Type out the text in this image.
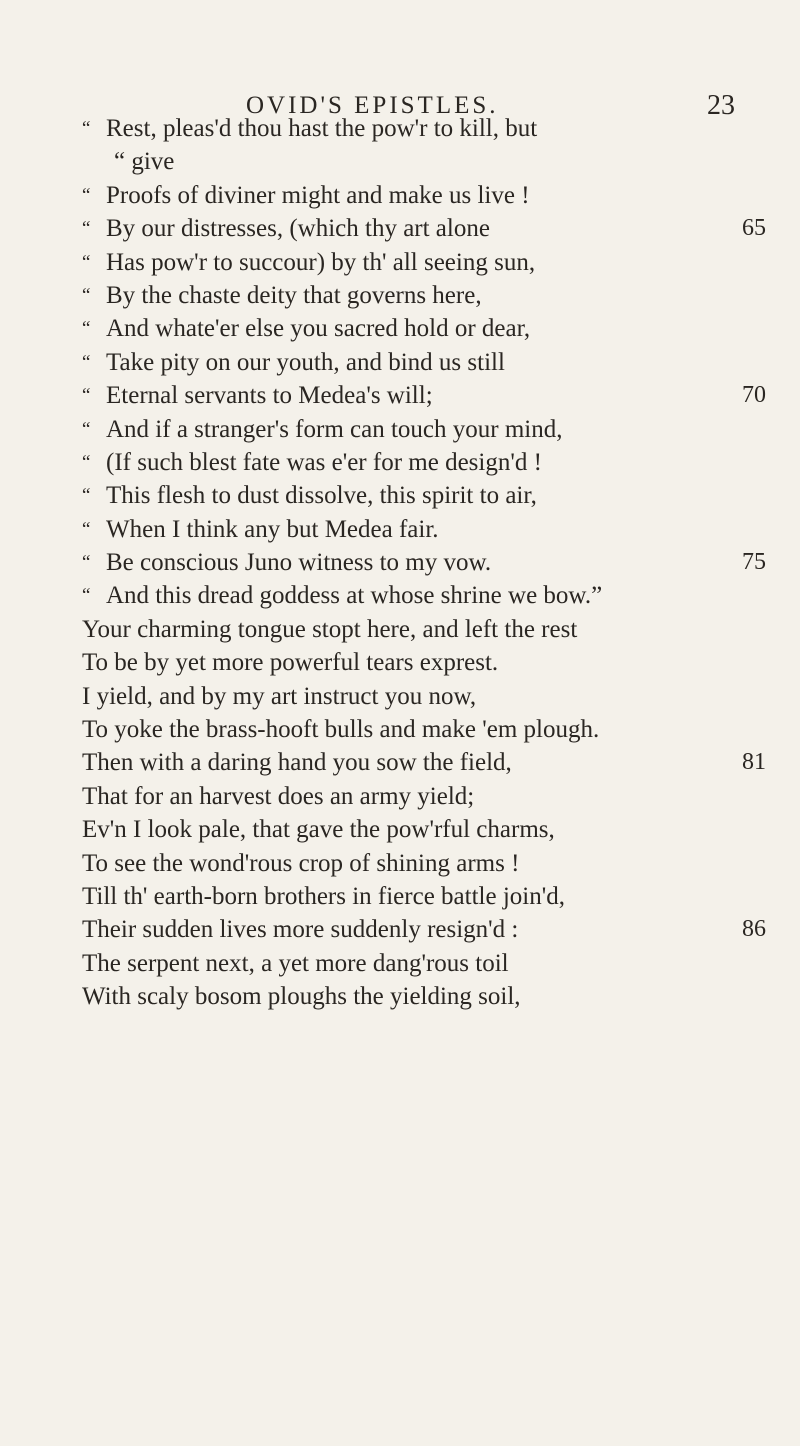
OVID'S EPISTLES.	23
“ Rest, pleas'd thou hast the pow'r to kill, but
“ give
“ Proofs of diviner might and make us live !
“ By our distresses, (which thy art alone	65
“ Has pow'r to succour) by th' all seeing sun,
“ By the chaste deity that governs here,
“ And whate'er else you sacred hold or dear,
“ Take pity on our youth, and bind us still
“ Eternal servants to Medea's will;	70
“ And if a stranger's form can touch your mind,
“ (If such blest fate was e'er for me design'd !
“ This flesh to dust dissolve, this spirit to air,
“ When I think any but Medea fair.
“ Be conscious Juno witness to my vow.	75
“ And this dread goddess at whose shrine we bow.”
Your charming tongue stopt here, and left the rest
To be by yet more powerful tears exprest.
I yield, and by my art instruct you now,
To yoke the brass-hooft bulls and make 'em plough.
Then with a daring hand you sow the field,	81
That for an harvest does an army yield;
Ev'n I look pale, that gave the pow'rful charms,
To see the wond'rous crop of shining arms !
Till th' earth-born brothers in fierce battle join'd,
Their sudden lives more suddenly resign'd :	86
The serpent next, a yet more dang'rous toil
With scaly bosom ploughs the yielding soil,
